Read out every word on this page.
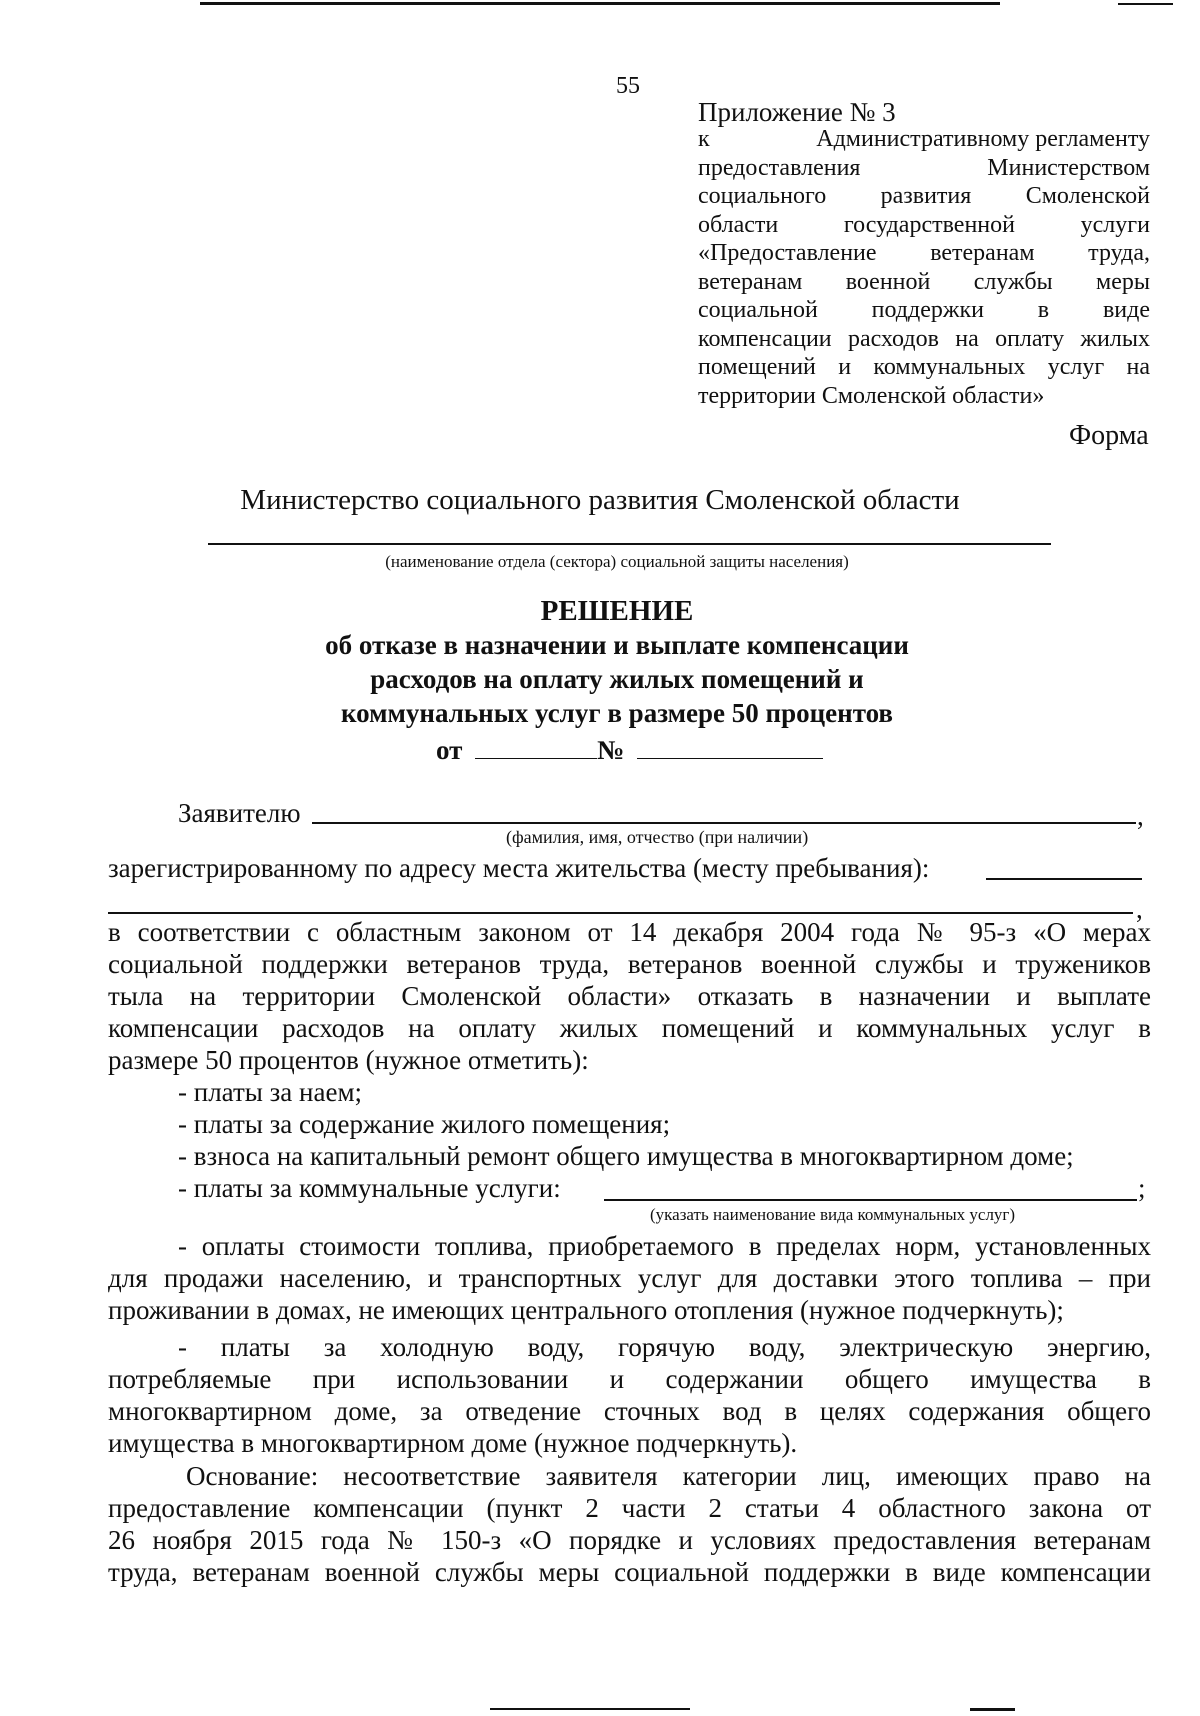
55
Приложение № 3
к	Административному регламенту
предоставления	Министерством
социального развития Смоленской
области	государственной	услуги
«Предоставление ветеранам труда,
ветеранам военной службы меры
социальной поддержки в виде
компенсации расходов на оплату жилых
помещений и коммунальных услуг на
территории Смоленской области»
Форма
Министерство социального развития Смоленской области
(наименование отдела (сектора) социальной защиты населения)
РЕШЕНИЕ
об отказе в назначении и выплате компенсации
расходов на оплату жилых помещений и
коммунальных услуг в размере 50 процентов
от	№
Заявителю	,
(фамилия, имя, отчество (при наличии)
зарегистрированному по адресу места жительства (месту пребывания):
,
в соответствии с областным законом от 14 декабря 2004 года № 95-з «О мерах
социальной поддержки ветеранов труда, ветеранов военной службы и тружеников
тыла на территории Смоленской области» отказать в назначении и выплате
компенсации расходов на оплату жилых помещений и коммунальных услуг в
размере 50 процентов (нужное отметить):
- платы за наем;
- платы за содержание жилого помещения;
- взноса на капитальный ремонт общего имущества в многоквартирном доме;
- платы за коммунальные услуги:	;
(указать наименование вида коммунальных услуг)
- оплаты стоимости топлива, приобретаемого в пределах норм, установленных
для продажи населению, и транспортных услуг для доставки этого топлива – при
проживании в домах, не имеющих центрального отопления (нужное подчеркнуть);
- платы за холодную воду, горячую воду, электрическую энергию,
потребляемые при использовании и содержании общего имущества в
многоквартирном доме, за отведение сточных вод в целях содержания общего
имущества в многоквартирном доме (нужное подчеркнуть).
Основание: несоответствие заявителя категории лиц, имеющих право на
предоставление компенсации (пункт 2 части 2 статьи 4 областного закона от
26 ноября 2015 года № 150-з «О порядке и условиях предоставления ветеранам
труда, ветеранам военной службы меры социальной поддержки в виде компенсации
